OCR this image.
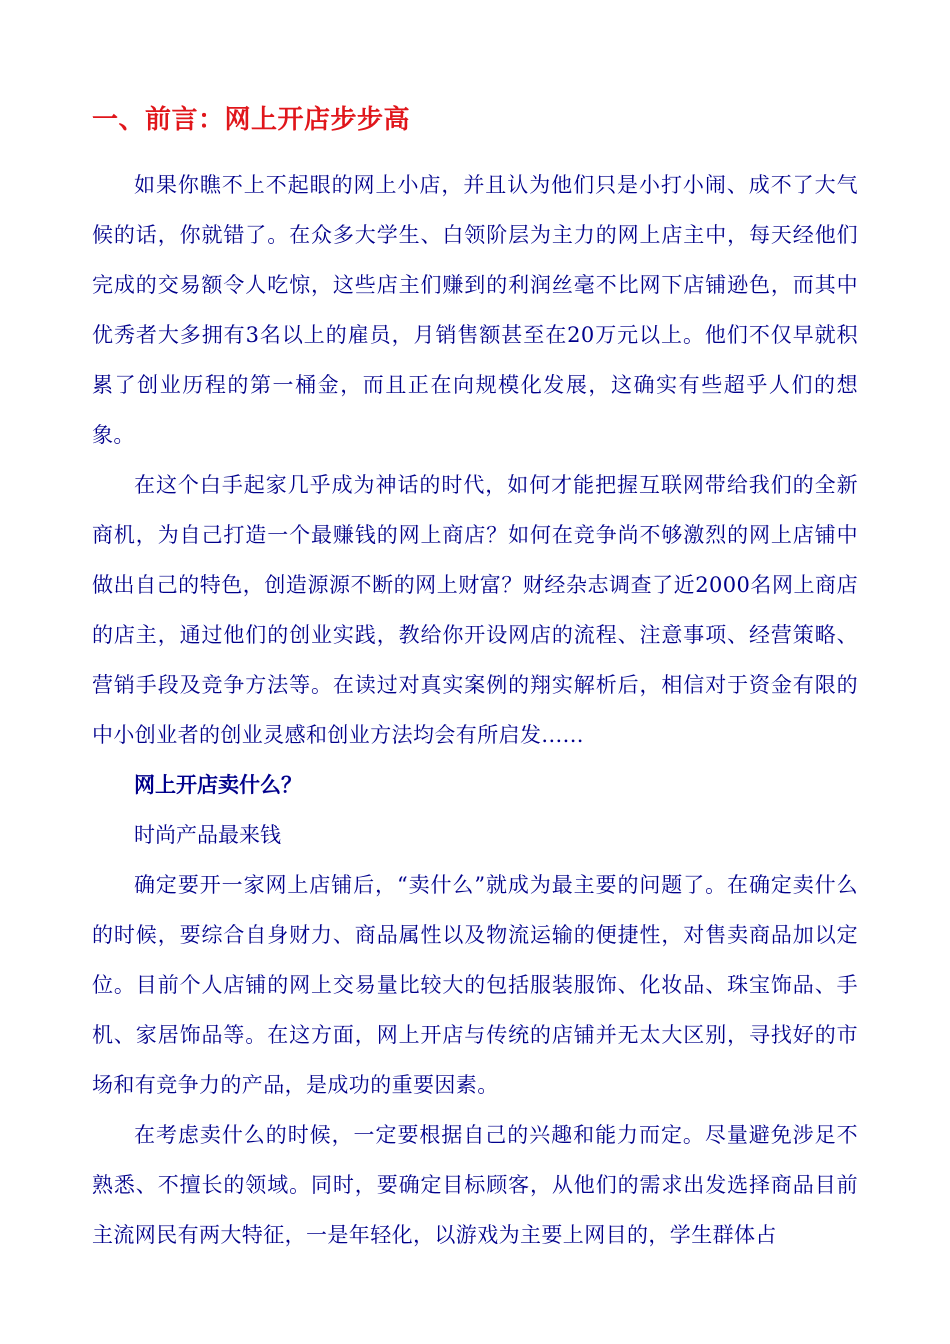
一、前言：网上开店步步高

如果你瞧不上不起眼的网上小店，并且认为他们只是小打小闹、成不了大气候的话，你就错了。在众多大学生、白领阶层为主力的网上店主中，每天经他们完成的交易额令人吃惊，这些店主们赚到的利润丝毫不比网下店铺逊色，而其中优秀者大多拥有3名以上的雇员，月销售额甚至在20万元以上。他们不仅早就积累了创业历程的第一桶金，而且正在向规模化发展，这确实有些超乎人们的想象。

在这个白手起家几乎成为神话的时代，如何才能把握互联网带给我们的全新商机，为自己打造一个最赚钱的网上商店？如何在竞争尚不够激烈的网上店铺中做出自己的特色，创造源源不断的网上财富？财经杂志调查了近2000名网上商店的店主，通过他们的创业实践，教给你开设网店的流程、注意事项、经营策略、营销手段及竞争方法等。在读过对真实案例的翔实解析后，相信对于资金有限的中小创业者的创业灵感和创业方法均会有所启发......

网上开店卖什么？

时尚产品最来钱

确定要开一家网上店铺后，“卖什么”就成为最主要的问题了。在确定卖什么的时候，要综合自身财力、商品属性以及物流运输的便捷性，对售卖商品加以定位。目前个人店铺的网上交易量比较大的包括服装服饰、化妆品、珠宝饰品、手机、家居饰品等。在这方面，网上开店与传统的店铺并无太大区别，寻找好的市场和有竞争力的产品，是成功的重要因素。

在考虑卖什么的时候，一定要根据自己的兴趣和能力而定。尽量避免涉足不熟悉、不擅长的领域。同时，要确定目标顾客，从他们的需求出发选择商品目前主流网民有两大特征，一是年轻化，以游戏为主要上网目的，学生群体占
